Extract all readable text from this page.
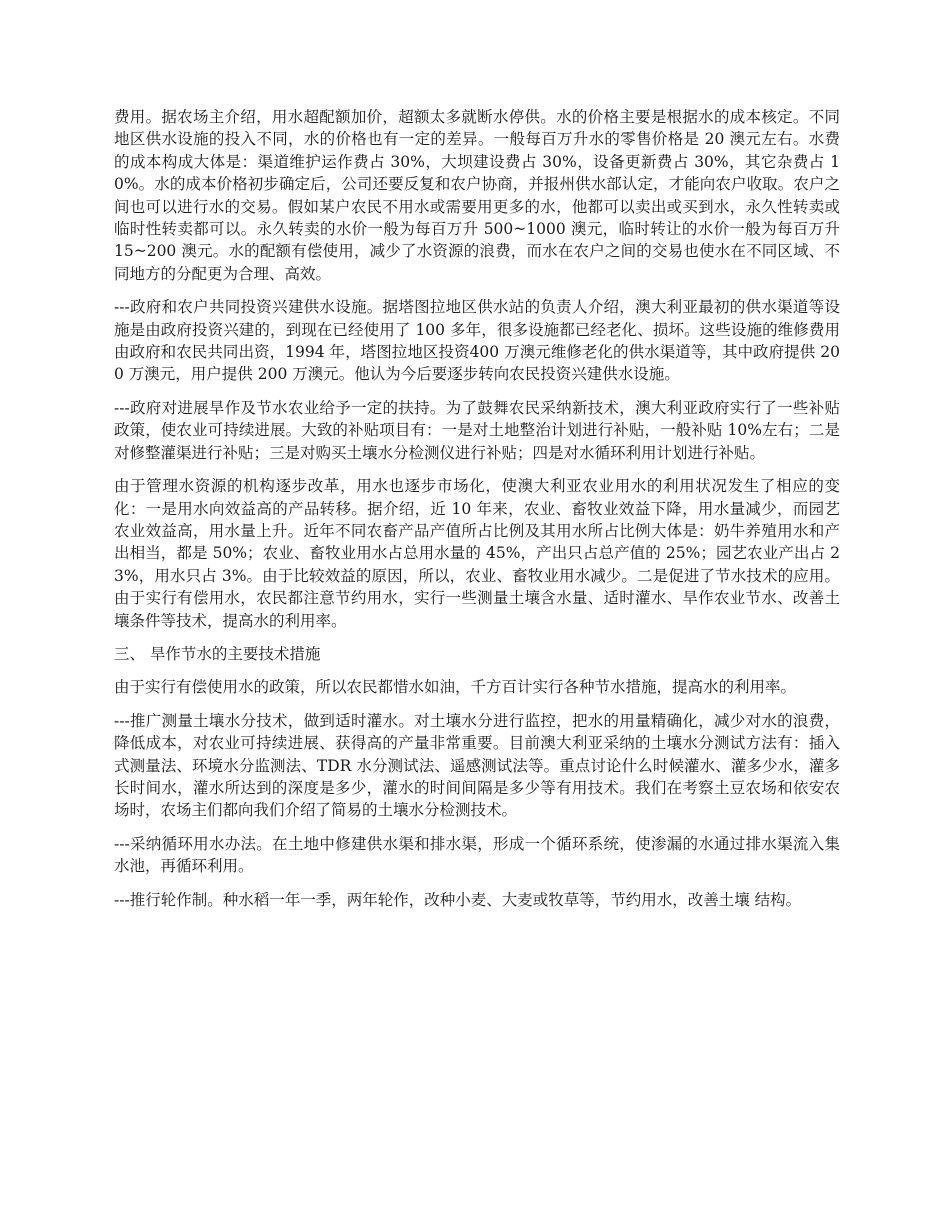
费用。据农场主介绍，用水超配额加价，超额太多就断水停供。水的价格主要是根据水的成本核定。不同地区供水设施的投入不同，水的价格也有一定的差异。一般每百万升水的零售价格是 20 澳元左右。水费的成本构成大体是：渠道维护运作费占 30%，大坝建设费占 30%，设备更新费占 30%，其它杂费占 10%。水的成本价格初步确定后，公司还要反复和农户协商，并报州供水部认定，才能向农户收取。农户之间也可以进行水的交易。假如某户农民不用水或需要用更多的水，他都可以卖出或买到水，永久性转卖或临时性转卖都可以。永久转卖的水价一般为每百万升 500~1000 澳元，临时转让的水价一般为每百万升 15~200 澳元。水的配额有偿使用，减少了水资源的浪费，而水在农户之间的交易也使水在不同区域、不同地方的分配更为合理、高效。

---政府和农户共同投资兴建供水设施。据塔图拉地区供水站的负责人介绍，澳大利亚最初的供水渠道等设施是由政府投资兴建的，到现在已经使用了 100 多年，很多设施都已经老化、损坏。这些设施的维修费用由政府和农民共同出资，1994 年，塔图拉地区投资400 万澳元维修老化的供水渠道等，其中政府提供 200 万澳元，用户提供 200 万澳元。他认为今后要逐步转向农民投资兴建供水设施。

---政府对进展旱作及节水农业给予一定的扶持。为了鼓舞农民采纳新技术，澳大利亚政府实行了一些补贴政策，使农业可持续进展。大致的补贴项目有：一是对土地整治计划进行补贴，一般补贴 10%左右；二是对修整灌渠进行补贴；三是对购买土壤水分检测仪进行补贴；四是对水循环利用计划进行补贴。

由于管理水资源的机构逐步改革，用水也逐步市场化，使澳大利亚农业用水的利用状况发生了相应的变化：一是用水向效益高的产品转移。据介绍，近 10 年来，农业、畜牧业效益下降，用水量减少，而园艺农业效益高，用水量上升。近年不同农畜产品产值所占比例及其用水所占比例大体是：奶牛养殖用水和产出相当，都是 50%；农业、畜牧业用水占总用水量的 45%，产出只占总产值的 25%；园艺农业产出占 23%，用水只占 3%。由于比较效益的原因，所以，农业、畜牧业用水减少。二是促进了节水技术的应用。由于实行有偿用水，农民都注意节约用水，实行一些测量土壤含水量、适时灌水、旱作农业节水、改善土壤条件等技术，提高水的利用率。

三、 旱作节水的主要技术措施

由于实行有偿使用水的政策，所以农民都惜水如油，千方百计实行各种节水措施，提高水的利用率。

---推广测量土壤水分技术，做到适时灌水。对土壤水分进行监控，把水的用量精确化，减少对水的浪费，降低成本，对农业可持续进展、获得高的产量非常重要。目前澳大利亚采纳的土壤水分测试方法有：插入式测量法、环境水分监测法、TDR 水分测试法、遥感测试法等。重点讨论什么时候灌水、灌多少水，灌多长时间水，灌水所达到的深度是多少，灌水的时间间隔是多少等有用技术。我们在考察土豆农场和依安农场时，农场主们都向我们介绍了简易的土壤水分检测技术。

---采纳循环用水办法。在土地中修建供水渠和排水渠，形成一个循环系统，使渗漏的水通过排水渠流入集水池，再循环利用。

---推行轮作制。种水稻一年一季，两年轮作，改种小麦、大麦或牧草等，节约用水，改善土壤 结构。
